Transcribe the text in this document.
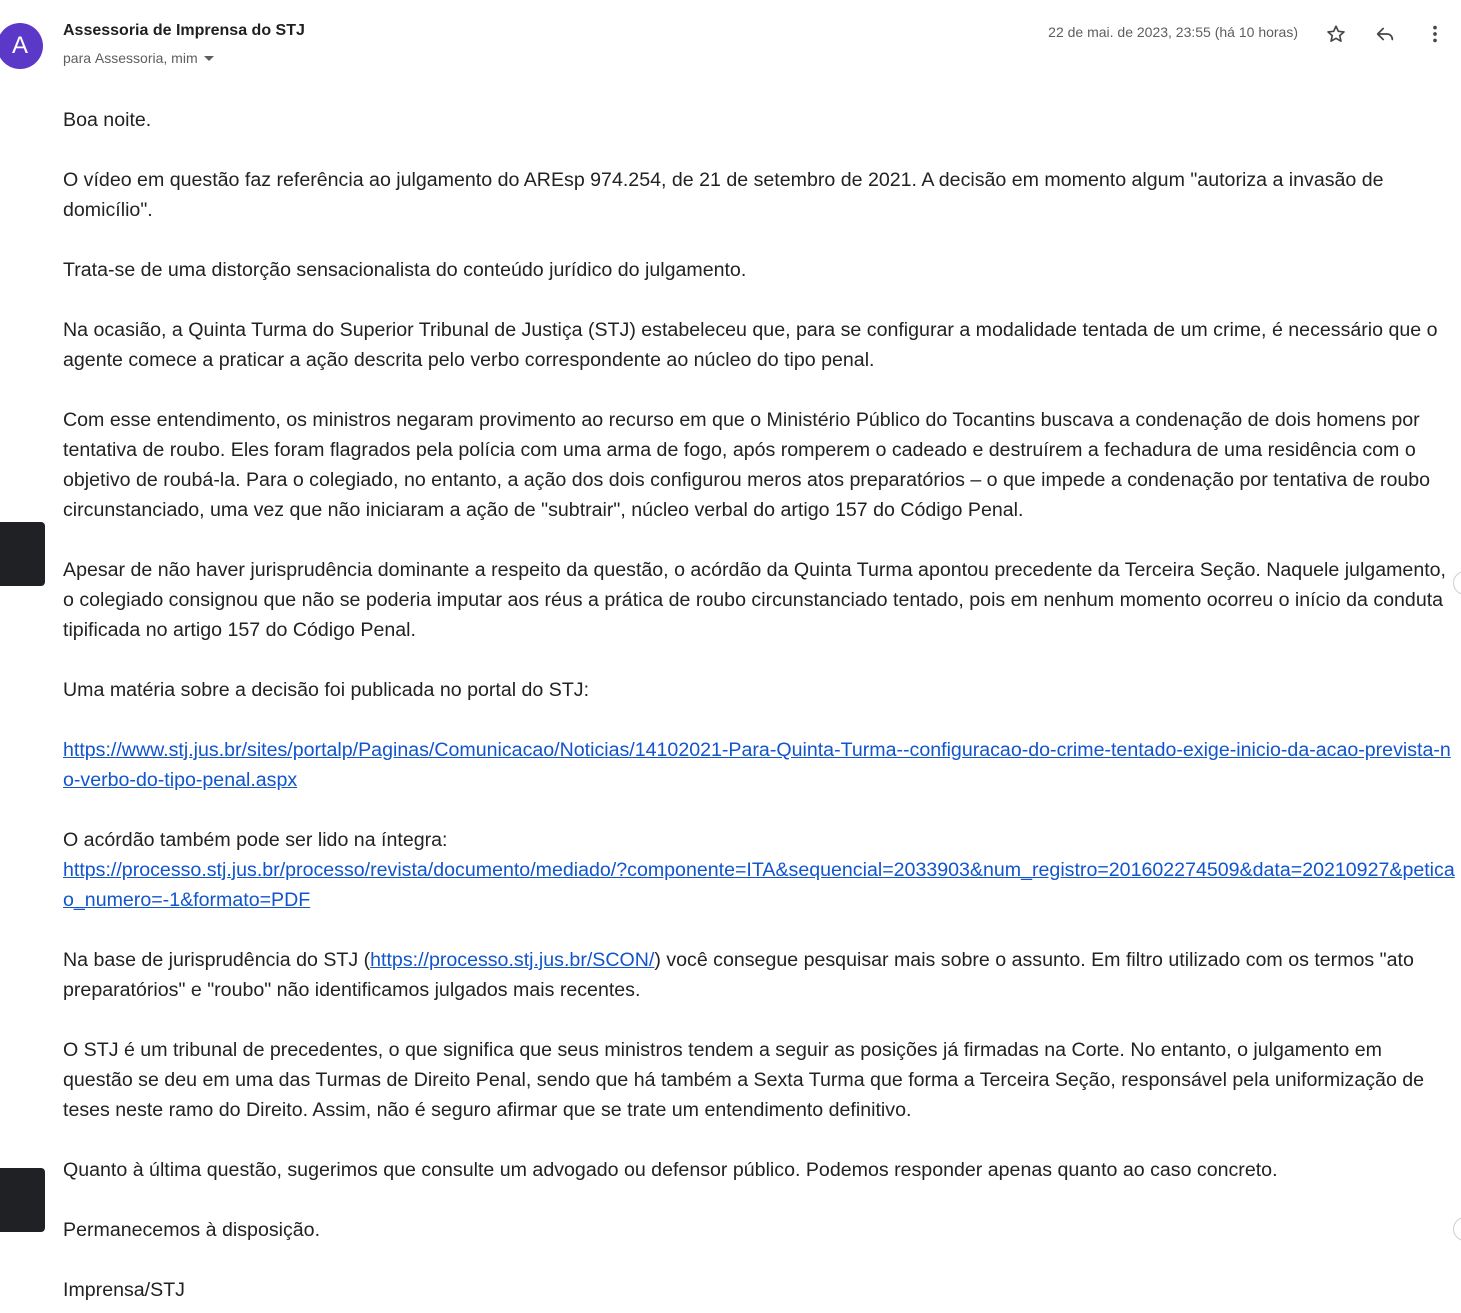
A
Assessoria de Imprensa do STJ
para
Assessoria, mim
22 de mai. de 2023, 23:55 (há 10 horas)

Boa noite.

O vídeo em questão faz referência ao julgamento do AREsp 974.254, de 21 de setembro de 2021. A decisão em momento algum "autoriza a invasão de domicílio".

Trata-se de uma distorção sensacionalista do conteúdo jurídico do julgamento.

Na ocasião, a Quinta Turma do Superior Tribunal de Justiça (STJ) estabeleceu que, para se configurar a modalidade tentada de um crime, é necessário que o agente comece a praticar a ação descrita pelo verbo correspondente ao núcleo do tipo penal.

Com esse entendimento, os ministros negaram provimento ao recurso em que o Ministério Público do Tocantins buscava a condenação de dois homens por tentativa de roubo. Eles foram flagrados pela polícia com uma arma de fogo, após romperem o cadeado e destruírem a fechadura de uma residência com o objetivo de roubá-la. Para o colegiado, no entanto, a ação dos dois configurou meros atos preparatórios – o que impede a condenação por tentativa de roubo circunstanciado, uma vez que não iniciaram a ação de "subtrair", núcleo verbal do artigo 157 do Código Penal.

Apesar de não haver jurisprudência dominante a respeito da questão, o acórdão da Quinta Turma apontou precedente da Terceira Seção. Naquele julgamento, o colegiado consignou que não se poderia imputar aos réus a prática de roubo circunstanciado tentado, pois em nenhum momento ocorreu o início da conduta tipificada no artigo 157 do Código Penal.

Uma matéria sobre a decisão foi publicada no portal do STJ:

https://www.stj.jus.br/sites/portalp/Paginas/Comunicacao/Noticias/14102021-Para-Quinta-Turma--configuracao-do-crime-tentado-exige-inicio-da-acao-prevista-no-verbo-do-tipo-penal.aspx

O acórdão também pode ser lido na íntegra:
https://processo.stj.jus.br/processo/revista/documento/mediado/?componente=ITA&sequencial=2033903&num_registro=201602274509&data=20210927&peticao_numero=-1&formato=PDF

Na base de jurisprudência do STJ (https://processo.stj.jus.br/SCON/) você consegue pesquisar mais sobre o assunto. Em filtro utilizado com os termos "ato preparatórios" e "roubo" não identificamos julgados mais recentes.

O STJ é um tribunal de precedentes, o que significa que seus ministros tendem a seguir as posições já firmadas na Corte. No entanto, o julgamento em questão se deu em uma das Turmas de Direito Penal, sendo que há também a Sexta Turma que forma a Terceira Seção, responsável pela uniformização de teses neste ramo do Direito. Assim, não é seguro afirmar que se trate um entendimento definitivo.

Quanto à última questão, sugerimos que consulte um advogado ou defensor público. Podemos responder apenas quanto ao caso concreto.

Permanecemos à disposição.

Imprensa/STJ
